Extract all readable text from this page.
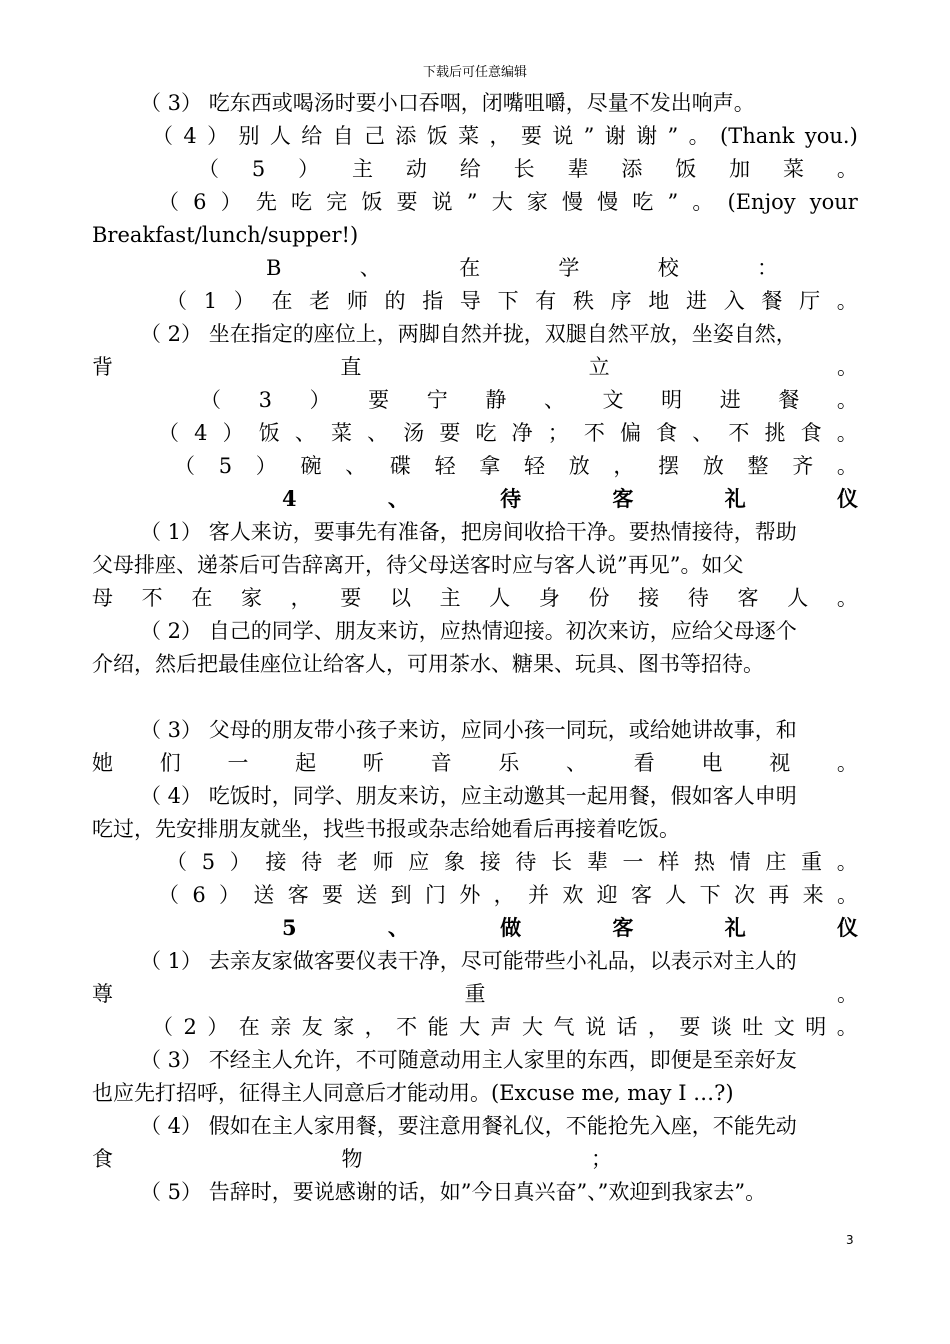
下载后可任意编辑
（ 3） 吃东西或喝汤时要小口吞咽，闭嘴咀嚼，尽量不发出响声。
（ 4 ） 别 人 给 自 己 添 饭 菜 ， 要 说 ” 谢 谢 ” 。 (Thank you.)
（ 5 ） 主 动 给 长 辈 添 饭 加 菜 。
（ 6 ） 先 吃 完 饭 要 说 ” 大 家 慢 慢 吃 ” 。 (Enjoy your
Breakfast/lunch/supper!)
B	、	在	学	校	：
（ 1 ） 在 老 师 的 指 导 下 有 秩 序 地 进 入 餐 厅 。
（ 2） 坐在指定的座位上，两脚自然并拢，双腿自然平放，坐姿自然，
背	直	立	。
（ 3 ） 要 宁 静 、 文 明 进 餐 。
（ 4 ） 饭 、 菜 、 汤 要 吃 净 ； 不 偏 食 、 不 挑 食 。
（ 5 ） 碗 、 碟 轻 拿 轻 放 ， 摆 放 整 齐 。
4	、	待	客	礼	仪
（ 1） 客人来访，要事先有准备，把房间收拾干净。要热情接待，帮助
父母排座、递茶后可告辞离开，待父母送客时应与客人说”再见”。如父
母 不 在 家 ， 要 以 主 人 身 份 接 待 客 人 。
（ 2） 自己的同学、朋友来访，应热情迎接。初次来访，应给父母逐个
介绍，然后把最佳座位让给客人，可用茶水、糖果、玩具、图书等招待。
（ 3） 父母的朋友带小孩子来访，应同小孩一同玩，或给她讲故事，和
她 们 一 起 听 音 乐 、 看 电 视 。
（ 4） 吃饭时，同学、朋友来访，应主动邀其一起用餐，假如客人申明
吃过，先安排朋友就坐，找些书报或杂志给她看后再接着吃饭。
（ 5 ） 接 待 老 师 应 象 接 待 长 辈 一 样 热 情 庄 重 。
（ 6 ） 送 客 要 送 到 门 外 ， 并 欢 迎 客 人 下 次 再 来 。
5	、	做	客	礼	仪
（ 1） 去亲友家做客要仪表干净，尽可能带些小礼品，以表示对主人的
尊	重	。
（ 2 ） 在 亲 友 家 ， 不 能 大 声 大 气 说 话 ， 要 谈 吐 文 明 。
（ 3） 不经主人允许，不可随意动用主人家里的东西，即便是至亲好友
也应先打招呼，征得主人同意后才能动用。(Excuse me, may I …?)
（ 4） 假如在主人家用餐，要注意用餐礼仪，不能抢先入座，不能先动
食	物	；
（ 5） 告辞时，要说感谢的话，如”今日真兴奋”、”欢迎到我家去”。
3
